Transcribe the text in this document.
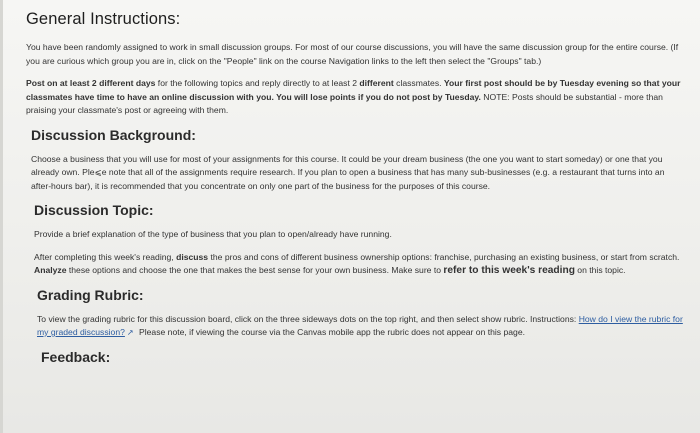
General Instructions:

You have been randomly assigned to work in small discussion groups. For most of our course discussions, you will have the same discussion group for the entire course. (If you are curious which group you are in, click on the "People" link on the course Navigation links to the left then select the "Groups" tab.)

Post on at least 2 different days for the following topics and reply directly to at least 2 different classmates. Your first post should be by Tuesday evening so that your classmates have time to have an online discussion with you. You will lose points if you do not post by Tuesday. NOTE: Posts should be substantial - more than praising your classmate's post or agreeing with them.

Discussion Background:

Choose a business that you will use for most of your assignments for this course. It could be your dream business (the one you want to start someday) or one that you already own. Ple⩽e note that all of the assignments require research. If you plan to open a business that has many sub-businesses (e.g. a restaurant that turns into an after-hours bar), it is recommended that you concentrate on only one part of the business for the purposes of this course.

Discussion Topic:

Provide a brief explanation of the type of business that you plan to open/already have running.

After completing this week's reading, discuss the pros and cons of different business ownership options: franchise, purchasing an existing business, or start from scratch. Analyze these options and choose the one that makes the best sense for your own business. Make sure to refer to this week's reading on this topic.

Grading Rubric:

To view the grading rubric for this discussion board, click on the three sideways dots on the top right, and then select show rubric. Instructions: How do I view the rubric for my graded discussion? ↗ Please note, if viewing the course via the Canvas mobile app the rubric does not appear on this page.

Feedback:
